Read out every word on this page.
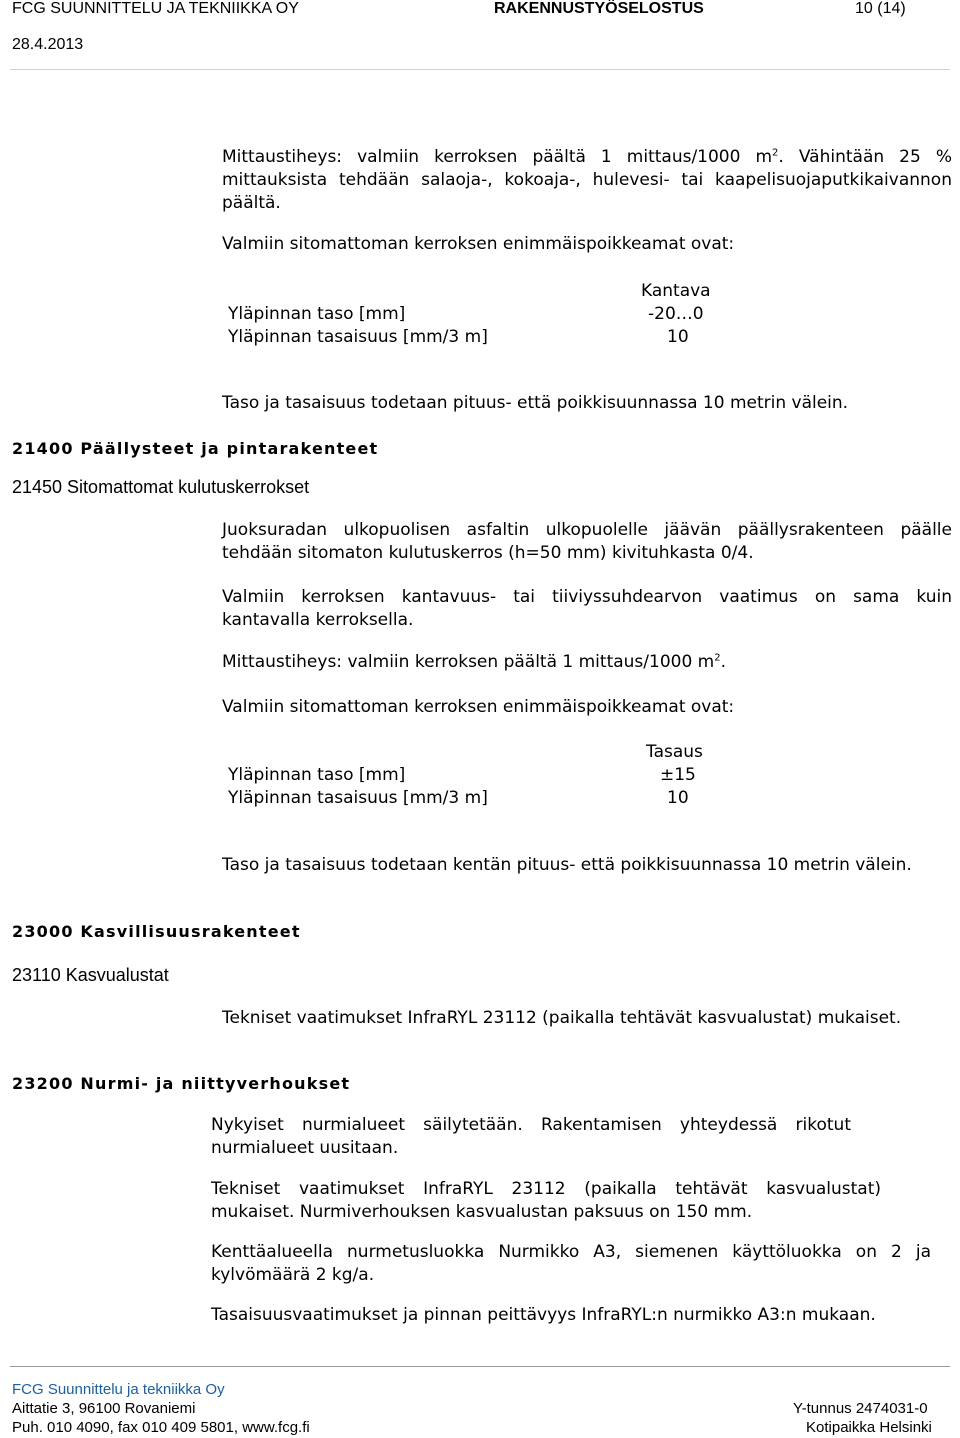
FCG SUUNNITTELU JA TEKNIIKKA OY	RAKENNUSTYÖSELOSTUS	10 (14)
28.4.2013
Mittaustiheys: valmiin kerroksen päältä 1 mittaus/1000 $m^2$. Vähintään 25 % mittauksista tehdään salaoja-, kokoaja-, hulevesi- tai kaapelisuojaputkikaivannon päältä.
Valmiin sitomattoman kerroksen enimmäispoikkeamat ovat:
Kantava
Yläpinnan taso [mm]	-20…0
Yläpinnan tasaisuus [mm/3 m]	10
Taso ja tasaisuus todetaan pituus- että poikkisuunnassa 10 metrin välein.
21400 Päällysteet ja pintarakenteet
21450 Sitomattomat kulutuskerrokset
Juoksuradan ulkopuolisen asfaltin ulkopuolelle jäävän päällysrakenteen päälle tehdään sitomaton kulutuskerros (h=50 mm) kivituhkasta 0/4.
Valmiin kerroksen kantavuus- tai tiiviyssuhdearvon vaatimus on sama kuin kantavalla kerroksella.
Mittaustiheys: valmiin kerroksen päältä 1 mittaus/1000 $m^2$.
Valmiin sitomattoman kerroksen enimmäispoikkeamat ovat:
Tasaus
Yläpinnan taso [mm]	±15
Yläpinnan tasaisuus [mm/3 m]	10
Taso ja tasaisuus todetaan kentän pituus- että poikkisuunnassa 10 metrin välein.
23000 Kasvillisuusrakenteet
23110 Kasvualustat
Tekniset vaatimukset InfraRYL 23112 (paikalla tehtävät kasvualustat) mukaiset.
23200 Nurmi- ja niittyverhoukset
Nykyiset nurmialueet säilytetään. Rakentamisen yhteydessä rikotut nurmialueet uusitaan.
Tekniset vaatimukset InfraRYL 23112 (paikalla tehtävät kasvualustat) mukaiset. Nurmiverhouksen kasvualustan paksuus on 150 mm.
Kenttäalueella nurmetusluokka Nurmikko A3, siemenen käyttöluokka on 2 ja kylvömäärä 2 kg/a.
Tasaisuusvaatimukset ja pinnan peittävyys InfraRYL:n nurmikko A3:n mukaan.
FCG Suunnittelu ja tekniikka Oy
Aittatie 3, 96100 Rovaniemi
Puh. 010 4090, fax 010 409 5801, www.fcg.fi
Y-tunnus 2474031-0
Kotipaikka Helsinki
